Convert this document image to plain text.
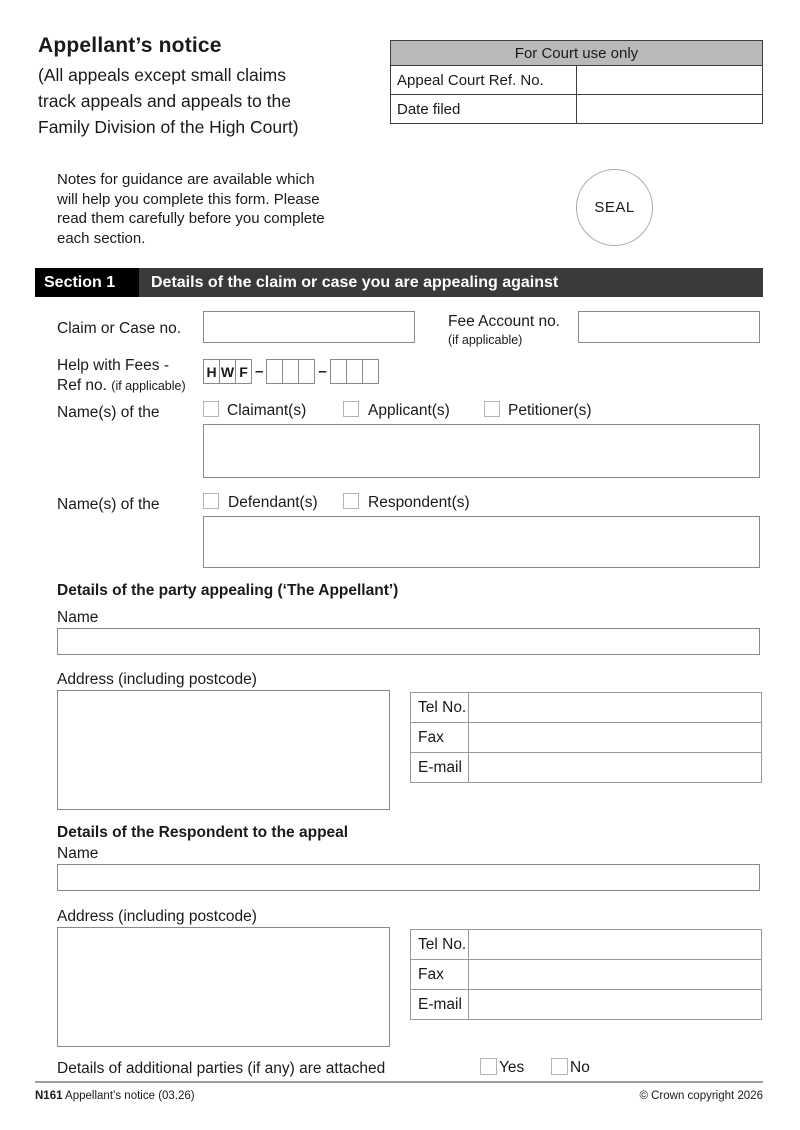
Appellant’s notice
(All appeals except small claims
track appeals and appeals to the
Family Division of the High Court)
For Court use only	
Appeal Court Ref. No.	
Date filed	
Notes for guidance are available which
will help you complete this form. Please
read them carefully before you complete
each section.
SEAL
Section 1	Details of the claim or case you are appealing against
Claim or Case no.	Fee Account no.
(if applicable)
Help with Fees -
Ref no. (if applicable)
H W F –	–
Name(s) of the	Claimant(s)	Applicant(s)	Petitioner(s)
Name(s) of the	Defendant(s)	Respondent(s)
Details of the party appealing (‘The Appellant’)
Name
Address (including postcode)
Tel No.	
Fax	
E-mail	
Details of the Respondent to the appeal
Name
Address (including postcode)
Tel No.	
Fax	
E-mail	
Details of additional parties (if any) are attached	Yes	No
N161 Appellant’s notice (03.26)	© Crown copyright 2026
